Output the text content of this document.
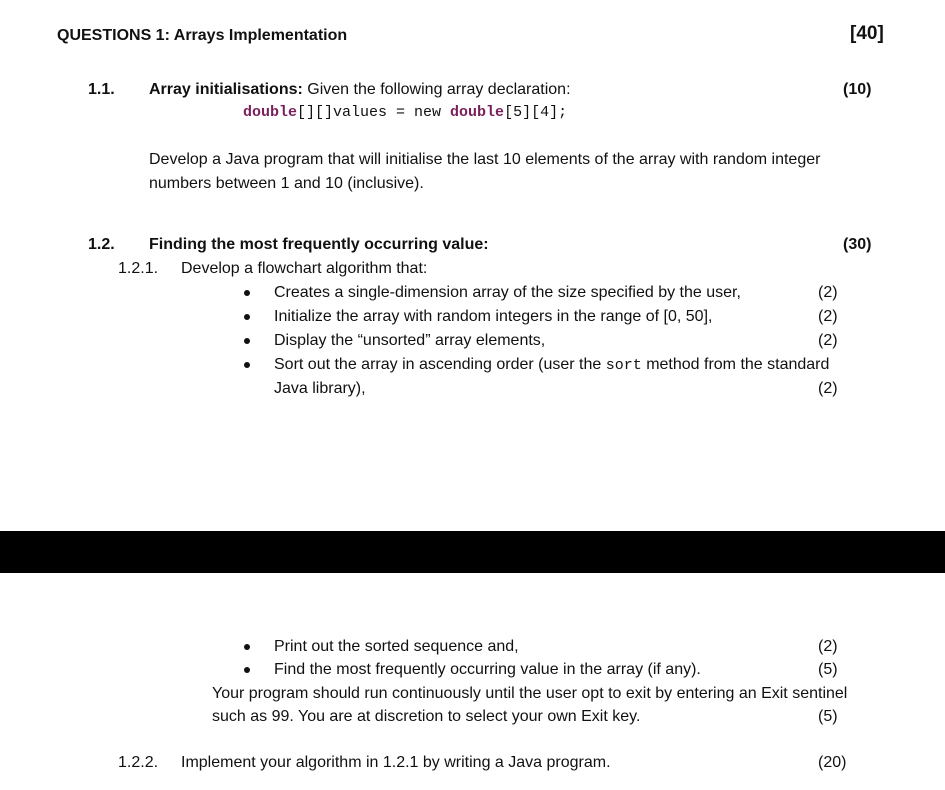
QUESTIONS 1: Arrays Implementation	[40]
1.1. Array initialisations: Given the following array declaration:	(10)
double[][]values = new double[5][4];
Develop a Java program that will initialise the last 10 elements of the array with random integer
numbers between 1 and 10 (inclusive).
1.2. Finding the most frequently occurring value:	(30)
1.2.1. Develop a flowchart algorithm that:
Creates a single-dimension array of the size specified by the user,	(2)
Initialize the array with random integers in the range of [0, 50],	(2)
Display the “unsorted” array elements,	(2)
Sort out the array in ascending order (user the sort method from the standard
Java library),	(2)
Print out the sorted sequence and,	(2)
Find the most frequently occurring value in the array (if any).	(5)
Your program should run continuously until the user opt to exit by entering an Exit sentinel
such as 99. You are at discretion to select your own Exit key.	(5)
1.2.2. Implement your algorithm in 1.2.1 by writing a Java program.	(20)
